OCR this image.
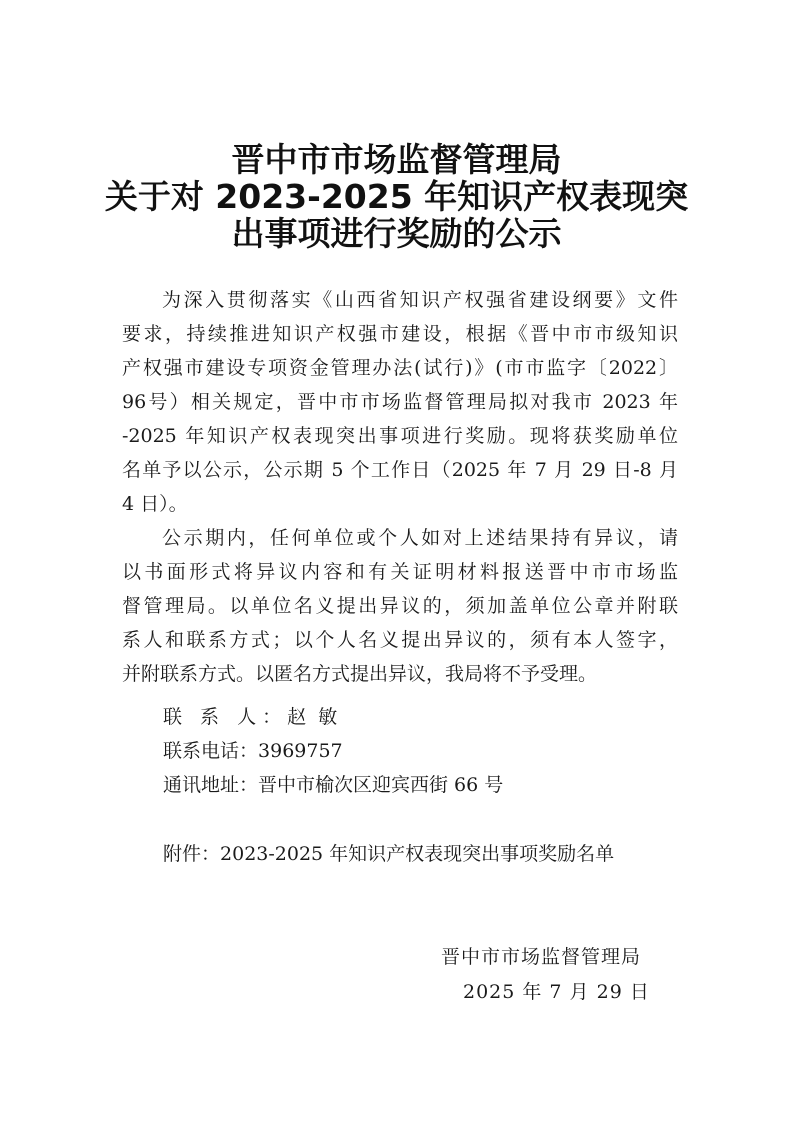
晋中市市场监督管理局
关于对 2023-2025 年知识产权表现突
出事项进行奖励的公示
为深入贯彻落实《山西省知识产权强省建设纲要》文件
要求，持续推进知识产权强市建设，根据《晋中市市级知识
产权强市建设专项资金管理办法(试行)》(市市监字〔2022〕
96号）相关规定，晋中市市场监督管理局拟对我市 2023 年
-2025 年知识产权表现突出事项进行奖励。现将获奖励单位
名单予以公示，公示期 5 个工作日（2025 年 7 月 29 日-8 月
4 日）。
公示期内，任何单位或个人如对上述结果持有异议，请
以书面形式将异议内容和有关证明材料报送晋中市市场监
督管理局。以单位名义提出异议的，须加盖单位公章并附联
系人和联系方式；以个人名义提出异议的，须有本人签字，
并附联系方式。以匿名方式提出异议，我局将不予受理。
联 系 人：赵  敏
联系电话：3969757
通讯地址：晋中市榆次区迎宾西街 66 号
附件：2023-2025 年知识产权表现突出事项奖励名单
晋中市市场监督管理局
2025 年 7 月 29 日
